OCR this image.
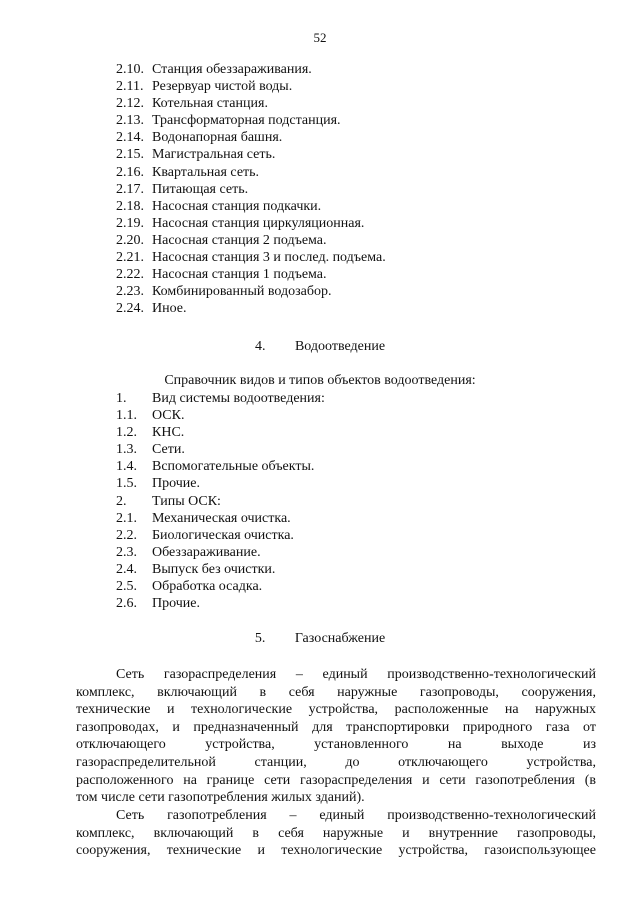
52
2.10. Станция обеззараживания.
2.11. Резервуар чистой воды.
2.12. Котельная станция.
2.13. Трансформаторная подстанция.
2.14. Водонапорная башня.
2.15. Магистральная сеть.
2.16. Квартальная сеть.
2.17. Питающая сеть.
2.18. Насосная станция подкачки.
2.19. Насосная станция циркуляционная.
2.20. Насосная станция 2 подъема.
2.21. Насосная станция 3 и послед. подъема.
2.22. Насосная станция 1 подъема.
2.23. Комбинированный водозабор.
2.24. Иное.
4. Водоотведение
Справочник видов и типов объектов водоотведения:
1. Вид системы водоотведения:
1.1. ОСК.
1.2. КНС.
1.3. Сети.
1.4. Вспомогательные объекты.
1.5. Прочие.
2. Типы ОСК:
2.1. Механическая очистка.
2.2. Биологическая очистка.
2.3. Обеззараживание.
2.4. Выпуск без очистки.
2.5. Обработка осадка.
2.6. Прочие.
5. Газоснабжение
Сеть газораспределения – единый производственно-технологический
комплекс, включающий в себя наружные газопроводы, сооружения,
технические и технологические устройства, расположенные на наружных
газопроводах, и предназначенный для транспортировки природного газа от
отключающего устройства, установленного на выходе из
газораспределительной станции, до отключающего устройства,
расположенного на границе сети газораспределения и сети газопотребления (в
том числе сети газопотребления жилых зданий).
Сеть газопотребления – единый производственно-технологический
комплекс, включающий в себя наружные и внутренние газопроводы,
сооружения, технические и технологические устройства, газоиспользующее
